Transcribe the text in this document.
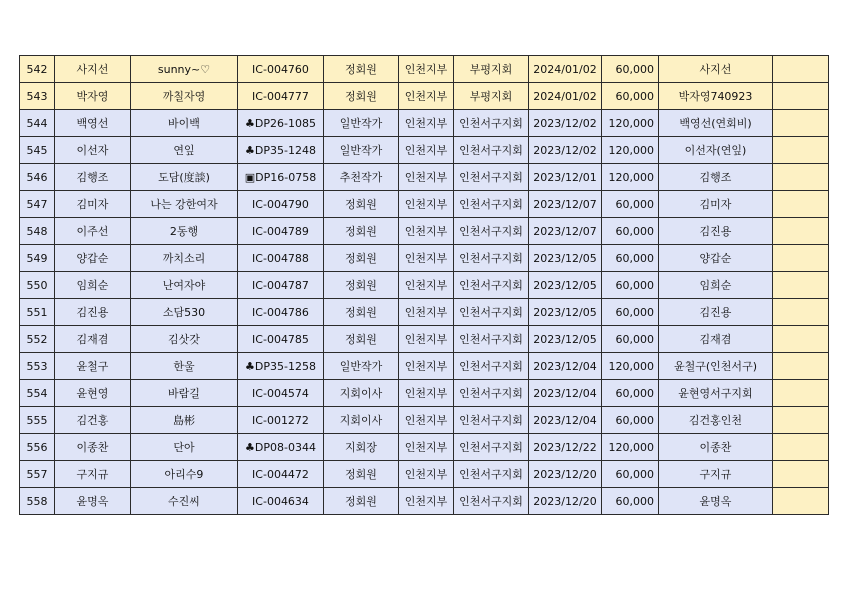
542	사지선	sunny~♡	IC-004760	정회원	인천지부	부평지회	2024/01/02	60,000	사지선	
543	박자영	까칠자영	IC-004777	정회원	인천지부	부평지회	2024/01/02	60,000	박자영740923	
544	백영선	바이백	♣DP26-1085	일반작가	인천지부	인천서구지회	2023/12/02	120,000	백영선(연회비)	
545	이선자	연잎	♣DP35-1248	일반작가	인천지부	인천서구지회	2023/12/02	120,000	이선자(연잎)	
546	김행조	도담(度談)	▣DP16-0758	추천작가	인천지부	인천서구지회	2023/12/01	120,000	김행조	
547	김미자	나는 강한여자	IC-004790	정회원	인천지부	인천서구지회	2023/12/07	60,000	김미자	
548	이주선	2동행	IC-004789	정회원	인천지부	인천서구지회	2023/12/07	60,000	김진용	
549	양갑순	까치소리	IC-004788	정회원	인천지부	인천서구지회	2023/12/05	60,000	양갑순	
550	임희순	난여자야	IC-004787	정회원	인천지부	인천서구지회	2023/12/05	60,000	임희순	
551	김진용	소담530	IC-004786	정회원	인천지부	인천서구지회	2023/12/05	60,000	김진용	
552	김재겸	김삿갓	IC-004785	정회원	인천지부	인천서구지회	2023/12/05	60,000	김재겸	
553	윤철구	한울	♣DP35-1258	일반작가	인천지부	인천서구지회	2023/12/04	120,000	윤철구(인천서구)	
554	윤현영	바람길	IC-004574	지회이사	인천지부	인천서구지회	2023/12/04	60,000	윤현영서구지회	
555	김건홍	島彬	IC-001272	지회이사	인천지부	인천서구지회	2023/12/04	60,000	김건홍인천	
556	이종찬	단아	♣DP08-0344	지회장	인천지부	인천서구지회	2023/12/22	120,000	이종찬	
557	구지규	아리수9	IC-004472	정회원	인천지부	인천서구지회	2023/12/20	60,000	구지규	
558	윤명옥	수진씨	IC-004634	정회원	인천지부	인천서구지회	2023/12/20	60,000	윤명옥	
